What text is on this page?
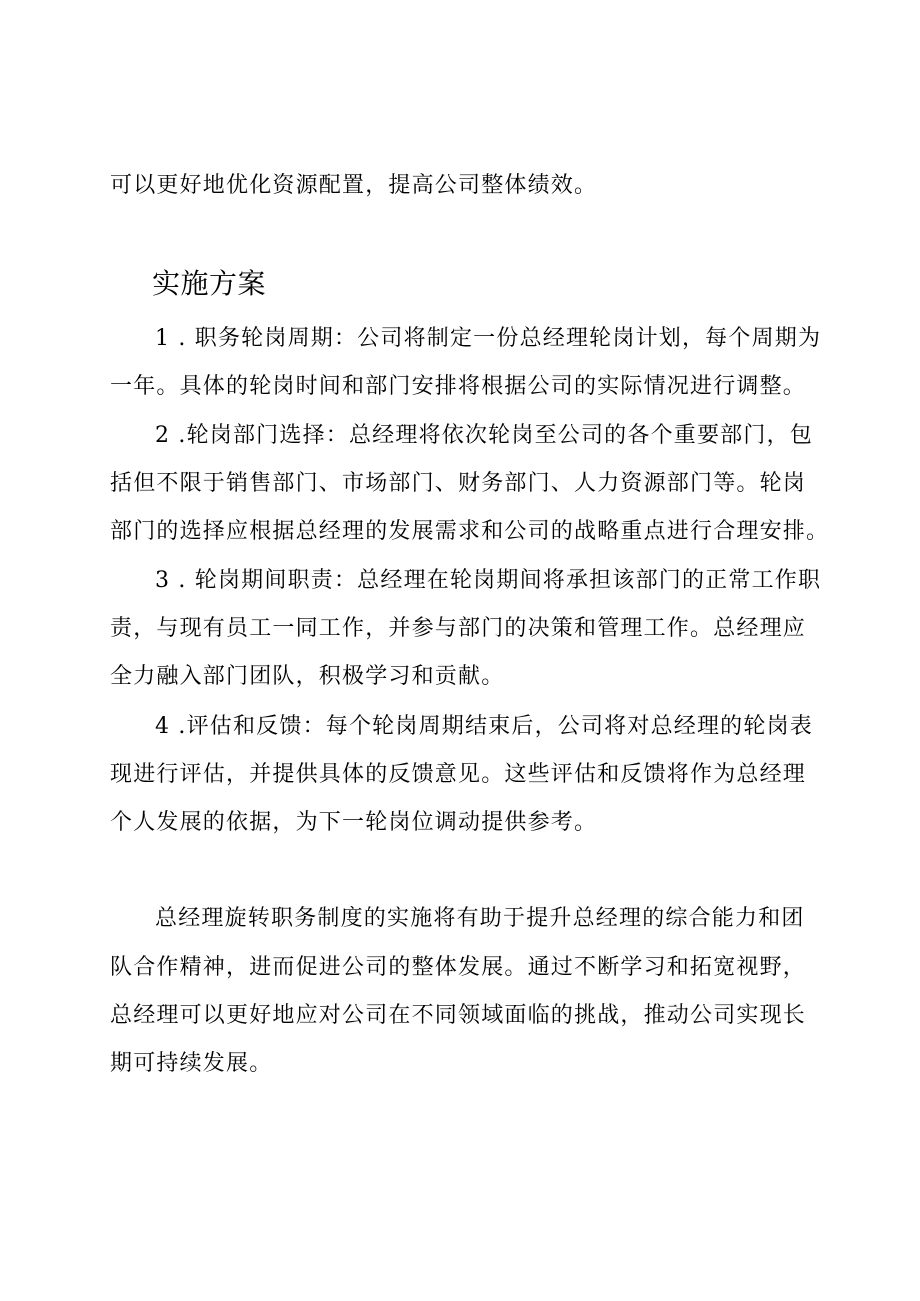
可以更好地优化资源配置，提高公司整体绩效。
实施方案
1 . 职务轮岗周期：公司将制定一份总经理轮岗计划，每个周期为
一年。具体的轮岗时间和部门安排将根据公司的实际情况进行调整。
2 .轮岗部门选择：总经理将依次轮岗至公司的各个重要部门，包
括但不限于销售部门、市场部门、财务部门、人力资源部门等。轮岗
部门的选择应根据总经理的发展需求和公司的战略重点进行合理安排。
3 . 轮岗期间职责：总经理在轮岗期间将承担该部门的正常工作职
责，与现有员工一同工作，并参与部门的决策和管理工作。总经理应
全力融入部门团队，积极学习和贡献。
4 .评估和反馈：每个轮岗周期结束后，公司将对总经理的轮岗表
现进行评估，并提供具体的反馈意见。这些评估和反馈将作为总经理
个人发展的依据，为下一轮岗位调动提供参考。
总经理旋转职务制度的实施将有助于提升总经理的综合能力和团
队合作精神，进而促进公司的整体发展。通过不断学习和拓宽视野，
总经理可以更好地应对公司在不同领域面临的挑战，推动公司实现长
期可持续发展。
